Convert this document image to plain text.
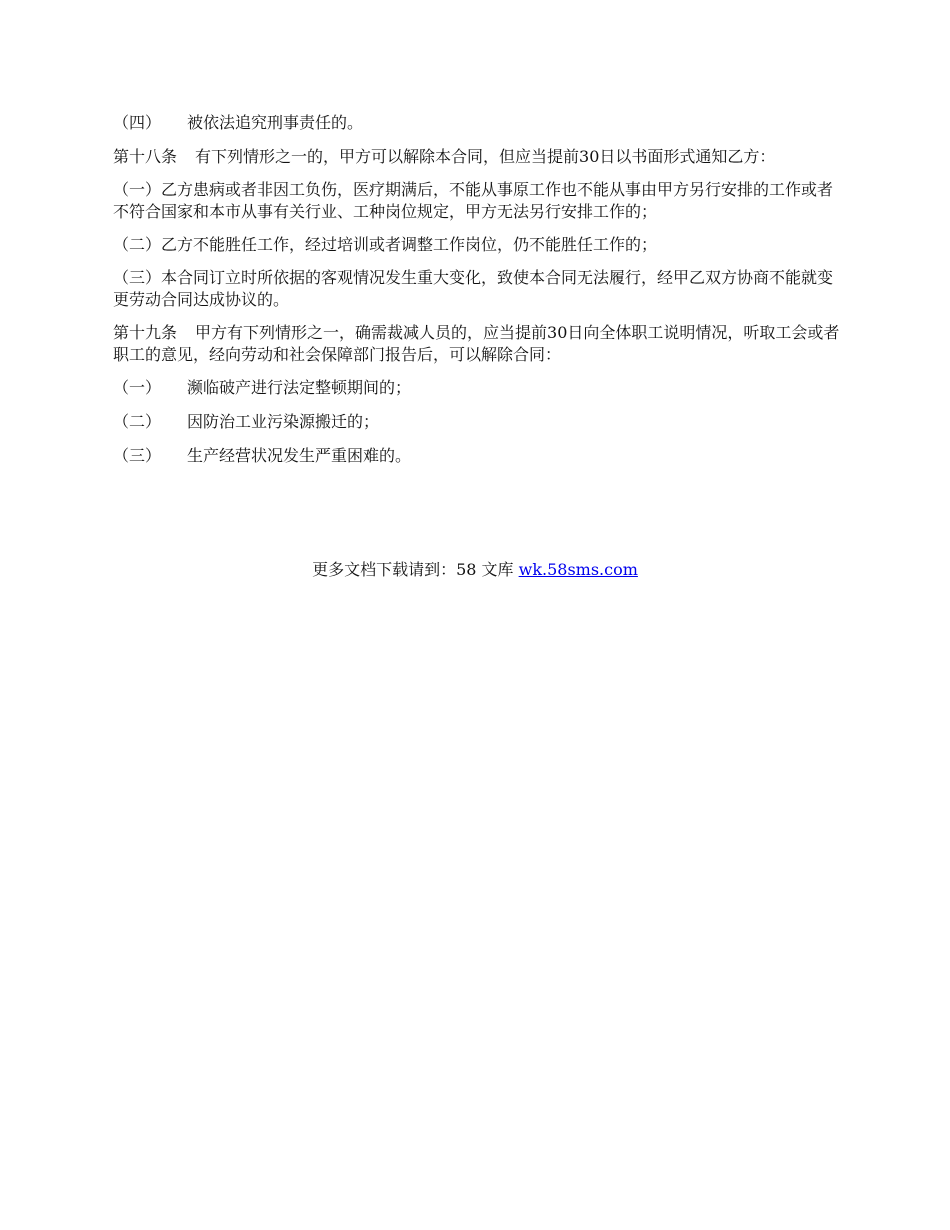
（四）	被依法追究刑事责任的。

第十八条 有下列情形之一的，甲方可以解除本合同，但应当提前30日以书面形式通知乙方：

（一）乙方患病或者非因工负伤，医疗期满后，不能从事原工作也不能从事由甲方另行安排的工作或者不符合国家和本市从事有关行业、工种岗位规定，甲方无法另行安排工作的；

（二）乙方不能胜任工作，经过培训或者调整工作岗位，仍不能胜任工作的；

（三）本合同订立时所依据的客观情况发生重大变化，致使本合同无法履行，经甲乙双方协商不能就变更劳动合同达成协议的。

第十九条 甲方有下列情形之一，确需裁减人员的，应当提前30日向全体职工说明情况，听取工会或者职工的意见，经向劳动和社会保障部门报告后，可以解除合同：

（一）	濒临破产进行法定整顿期间的；
（二）	因防治工业污染源搬迁的；
（三）	生产经营状况发生严重困难的。
更多文档下载请到：58 文库 wk.58sms.com
